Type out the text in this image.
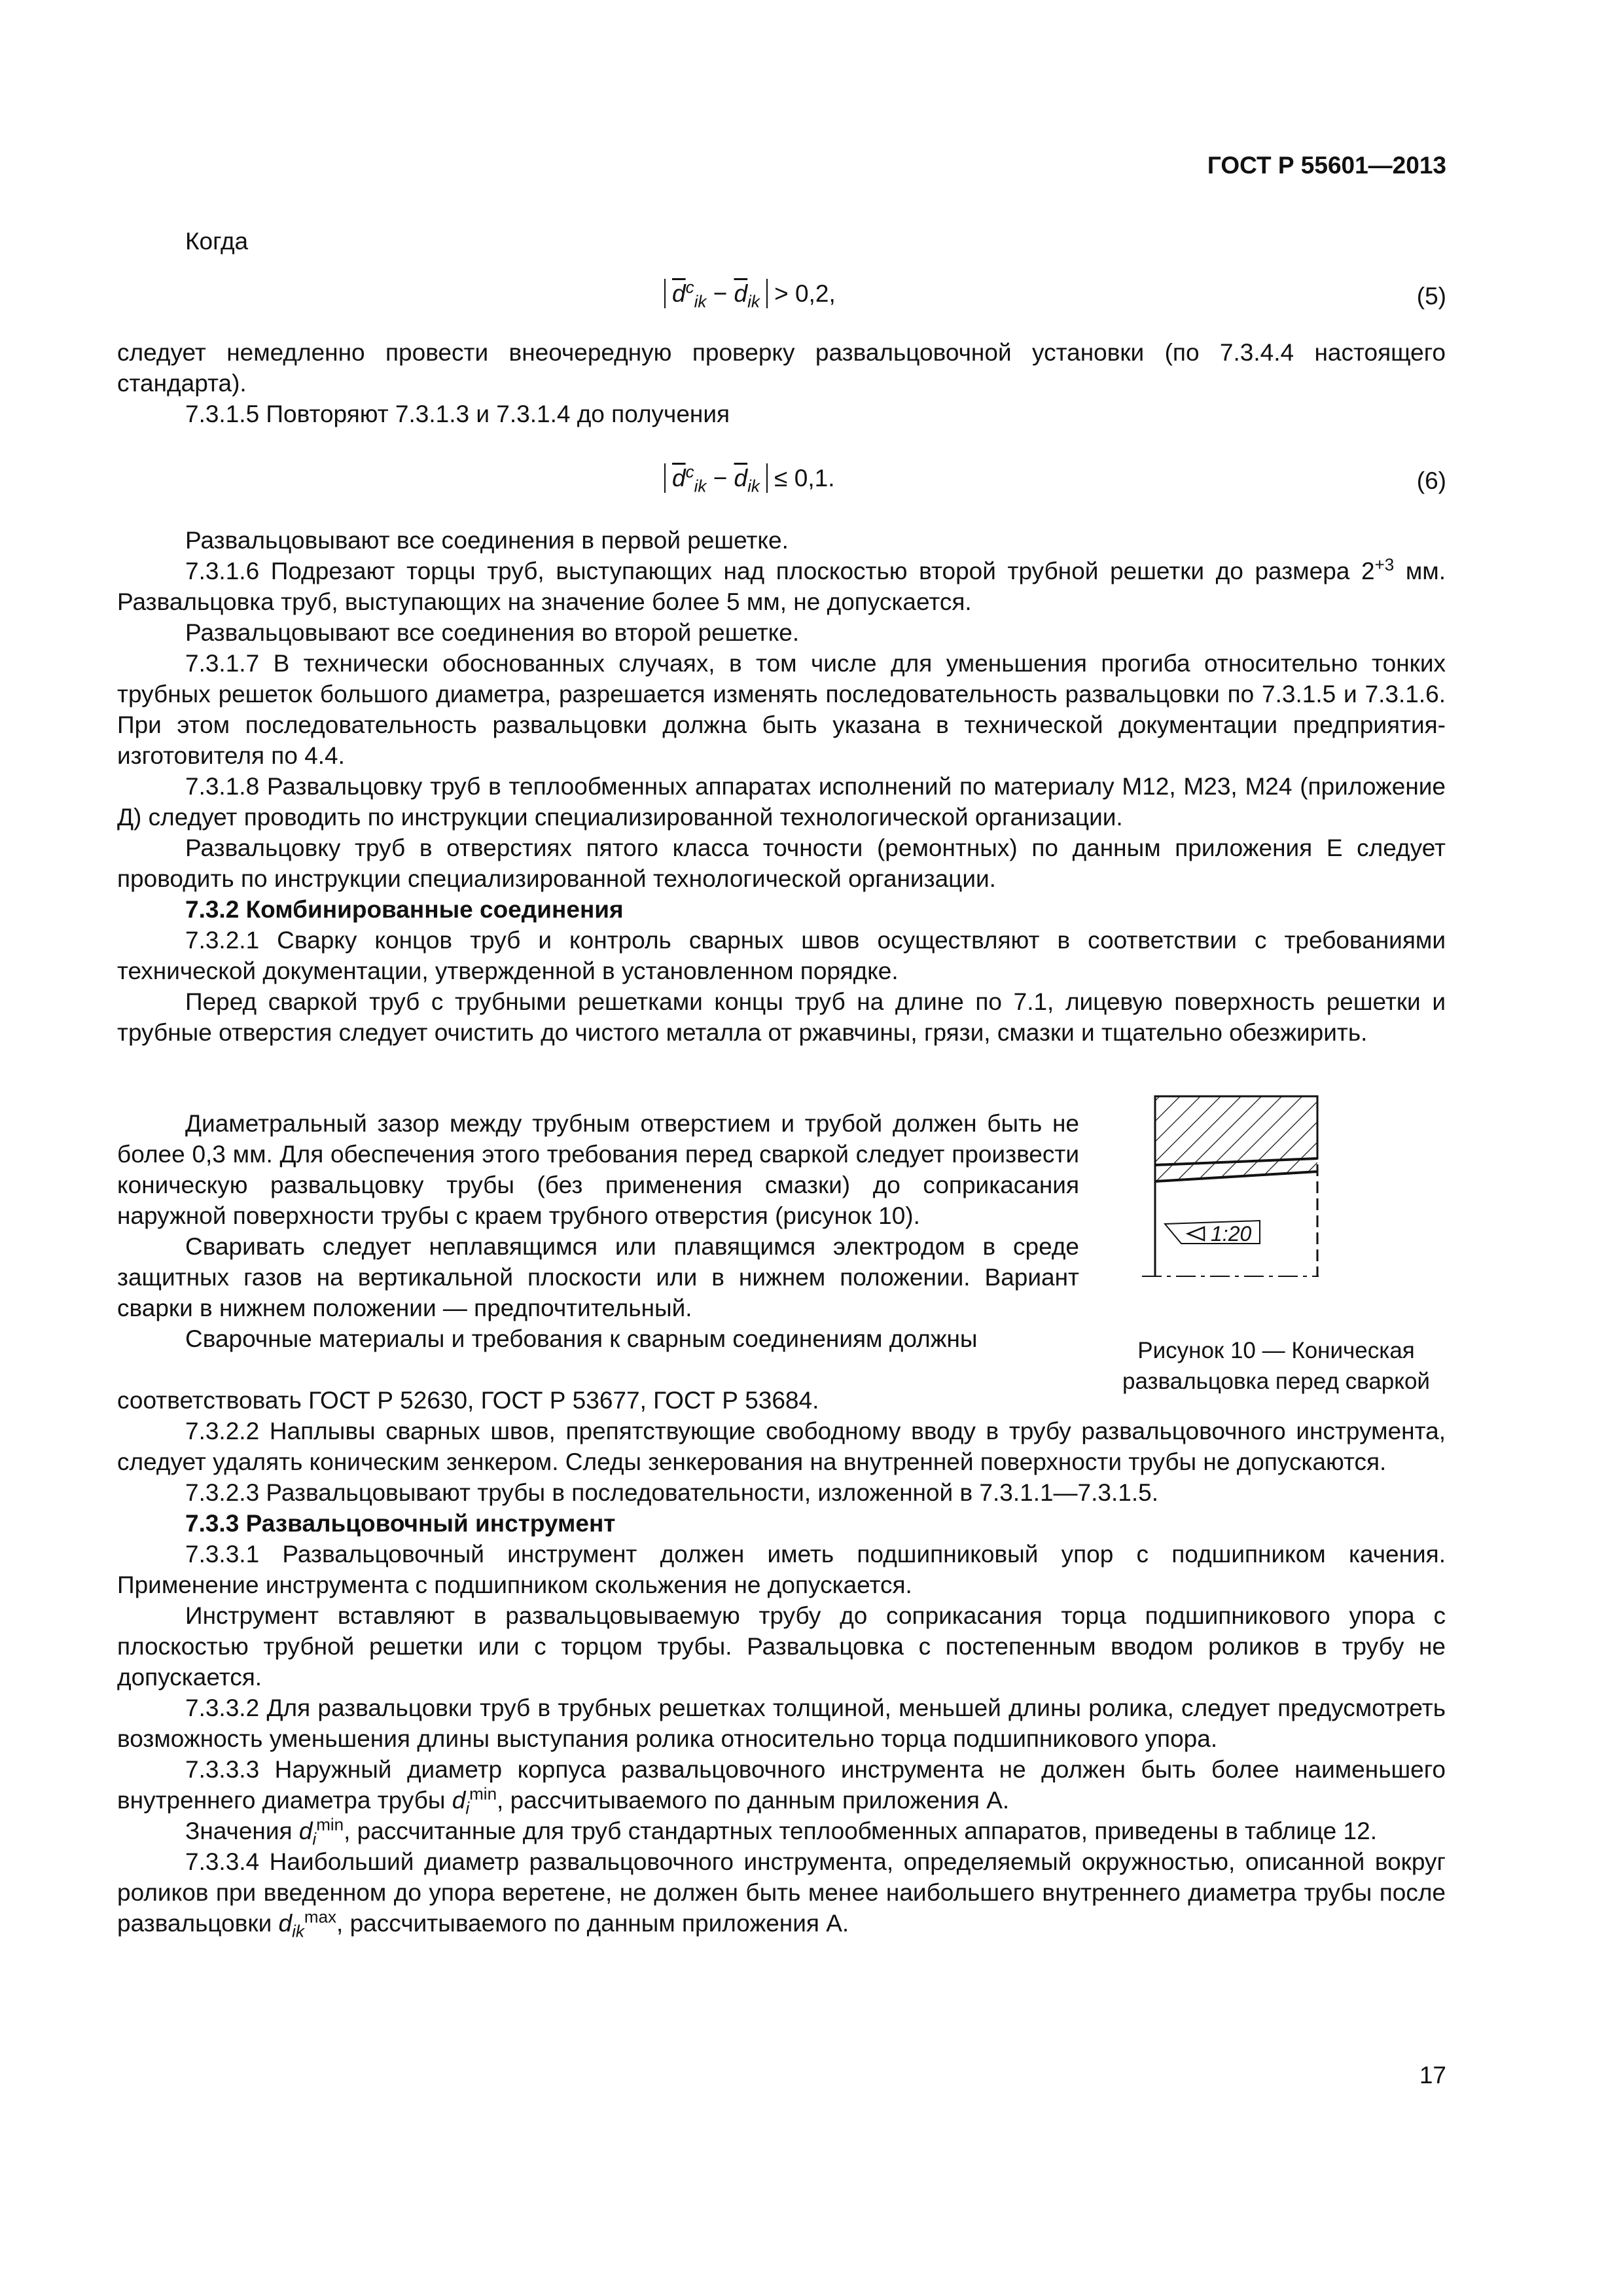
ГОСТ Р 55601—2013

Когда

$\overline{d}^c_{ik} - \overline{d}_{ik} > 0,2$,	(5)

следует немедленно провести внеочередную проверку развальцовочной установки (по 7.3.4.4 настоящего стандарта).

7.3.1.5 Повторяют 7.3.1.3 и 7.3.1.4 до получения

$\overline{d}^c_{ik} - \overline{d}_{ik} \le 0,1$.	(6)

Развальцовывают все соединения в первой решетке.

7.3.1.6 Подрезают торцы труб, выступающих над плоскостью второй трубной решетки до размера $2^{+3}$ мм. Развальцовка труб, выступающих на значение более 5 мм, не допускается.

Развальцовывают все соединения во второй решетке.

7.3.1.7 В технически обоснованных случаях, в том числе для уменьшения прогиба относительно тонких трубных решеток большого диаметра, разрешается изменять последовательность развальцовки по 7.3.1.5 и 7.3.1.6. При этом последовательность развальцовки должна быть указана в технической документации предприятия-изготовителя по 4.4.

7.3.1.8 Развальцовку труб в теплообменных аппаратах исполнений по материалу М12, М23, М24 (приложение Д) следует проводить по инструкции специализированной технологической организации.

Развальцовку труб в отверстиях пятого класса точности (ремонтных) по данным приложения Е следует проводить по инструкции специализированной технологической организации.

7.3.2 Комбинированные соединения

7.3.2.1 Сварку концов труб и контроль сварных швов осуществляют в соответствии с требованиями технической документации, утвержденной в установленном порядке.

Перед сваркой труб с трубными решетками концы труб на длине по 7.1, лицевую поверхность решетки и трубные отверстия следует очистить до чистого металла от ржавчины, грязи, смазки и тщательно обезжирить.

Диаметральный зазор между трубным отверстием и трубой должен быть не более 0,3 мм. Для обеспечения этого требования перед сваркой следует произвести коническую развальцовку трубы (без применения смазки) до соприкасания наружной поверхности трубы с краем трубного отверстия (рисунок 10).

Сваривать следует неплавящимся или плавящимся электродом в среде защитных газов на вертикальной плоскости или в нижнем положении. Вариант сварки в нижнем положении — предпочтительный.

Сварочные материалы и требования к сварным соединениям должны

1:20
Рисунок 10 — Коническая развальцовка перед сваркой

соответствовать ГОСТ Р 52630, ГОСТ Р 53677, ГОСТ Р 53684.

7.3.2.2 Наплывы сварных швов, препятствующие свободному вводу в трубу развальцовочного инструмента, следует удалять коническим зенкером. Следы зенкерования на внутренней поверхности трубы не допускаются.

7.3.2.3 Развальцовывают трубы в последовательности, изложенной в 7.3.1.1—7.3.1.5.

7.3.3 Развальцовочный инструмент

7.3.3.1 Развальцовочный инструмент должен иметь подшипниковый упор с подшипником качения. Применение инструмента с подшипником скольжения не допускается.

Инструмент вставляют в развальцовываемую трубу до соприкасания торца подшипникового упора с плоскостью трубной решетки или с торцом трубы. Развальцовка с постепенным вводом роликов в трубу не допускается.

7.3.3.2 Для развальцовки труб в трубных решетках толщиной, меньшей длины ролика, следует предусмотреть возможность уменьшения длины выступания ролика относительно торца подшипникового упора.

7.3.3.3 Наружный диаметр корпуса развальцовочного инструмента не должен быть более наименьшего внутреннего диаметра трубы $d_i^{min}$, рассчитываемого по данным приложения А.

Значения $d_i^{min}$, рассчитанные для труб стандартных теплообменных аппаратов, приведены в таблице 12.

7.3.3.4 Наибольший диаметр развальцовочного инструмента, определяемый окружностью, описанной вокруг роликов при введенном до упора веретене, не должен быть менее наибольшего внутреннего диаметра трубы после развальцовки $d_{ik}^{max}$, рассчитываемого по данным приложения А.

17
